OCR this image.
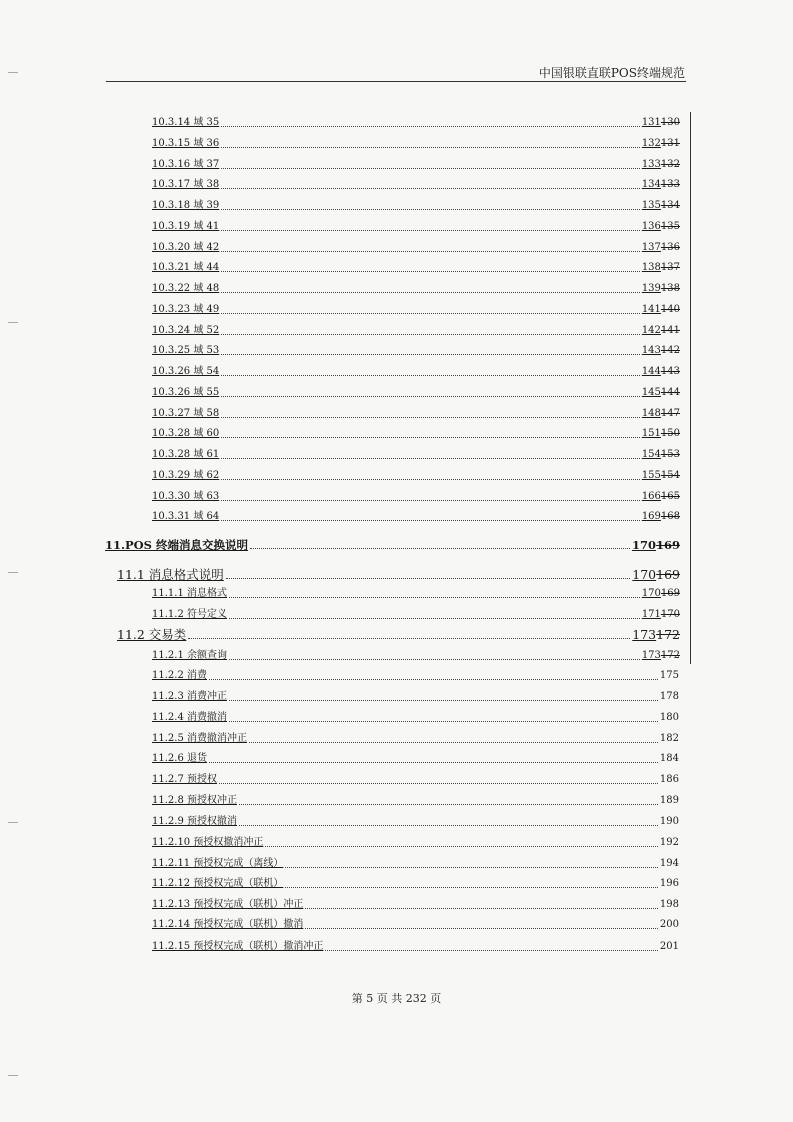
中国银联直联POS终端规范
10.3.14 域 35	131 130
10.3.15 域 36	132 131
10.3.16 域 37	133 132
10.3.17 域 38	134 133
10.3.18 域 39	135 134
10.3.19 域 41	136 135
10.3.20 域 42	137 136
10.3.21 域 44	138 137
10.3.22 域 48	139 138
10.3.23 域 49	141 140
10.3.24 域 52	142 141
10.3.25 域 53	143 142
10.3.26 域 54	144 143
10.3.26 域 55	145 144
10.3.27 域 58	148 147
10.3.28 域 60	151 150
10.3.28 域 61	154 153
10.3.29 域 62	155 154
10.3.30 域 63	166 165
10.3.31 域 64	169 168
11.POS 终端消息交换说明	170 169
11.1 消息格式说明	170 169
11.1.1 消息格式	170 169
11.1.2 符号定义	171 170
11.2 交易类	173 172
11.2.1 余额查询	173 172
11.2.2 消费	175
11.2.3 消费冲正	178
11.2.4 消费撤消	180
11.2.5 消费撤消冲正	182
11.2.6 退货	184
11.2.7 预授权	186
11.2.8 预授权冲正	189
11.2.9 预授权撤消	190
11.2.10 预授权撤消冲正	192
11.2.11 预授权完成（离线）	194
11.2.12 预授权完成（联机）	196
11.2.13 预授权完成（联机）冲正	198
11.2.14 预授权完成（联机）撤消	200
11.2.15 预授权完成（联机）撤消冲正	201
第 5 页 共 232 页
